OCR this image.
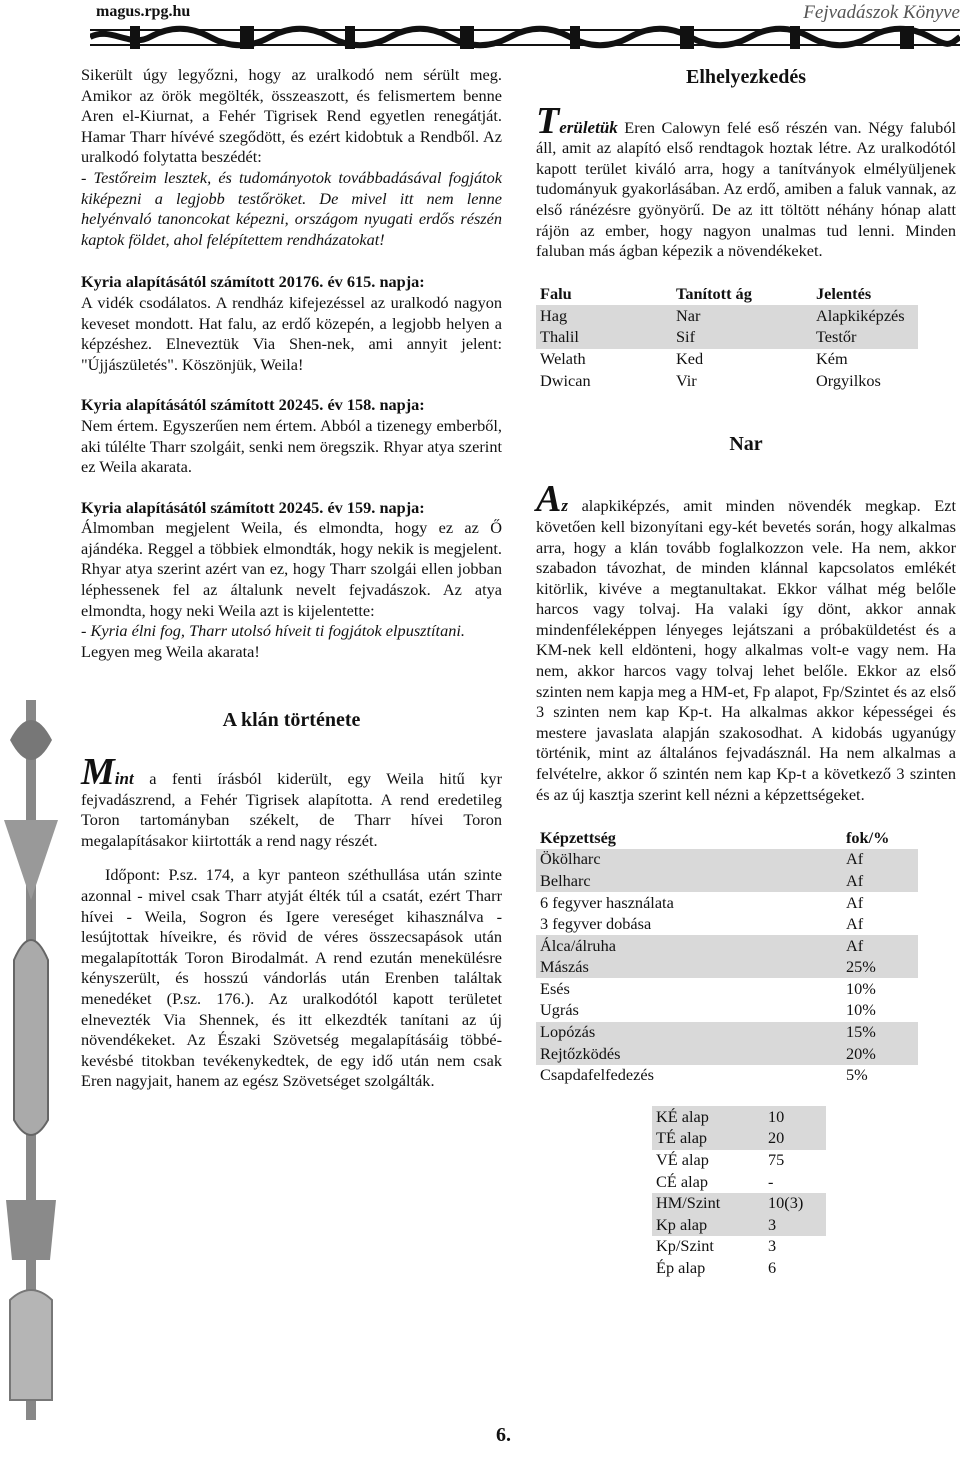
magus.rpg.hu	Fejvadászok Könyve

Sikerült úgy legyőzni, hogy az uralkodó nem sérült meg. Amikor az örök megölték, összeaszott, és felismertem benne Aren el-Kiurnat, a Fehér Tigrisek Rend egyetlen renegátját. Hamar Tharr hívévé szegődött, és ezért kidobtuk a Rendből. Az uralkodó folytatta beszédét:

- Testőreim lesztek, és tudományotok továbbadásával fogjátok kiképezni a legjobb testőröket. De mivel itt nem lenne helyénvaló tanoncokat képezni, országom nyugati erdős részén kaptok földet, ahol felépítettem rendházatokat!

Kyria alapításától számított 20176. év 615. napja:

A vidék csodálatos. A rendház kifejezéssel az uralkodó nagyon keveset mondott. Hat falu, az erdő közepén, a legjobb helyen a képzéshez. Elneveztük Via Shen-nek, ami annyit jelent: "Újjászületés". Köszönjük, Weila!

Kyria alapításától számított 20245. év 158. napja:

Nem értem. Egyszerűen nem értem. Abból a tizenegy emberből, aki túlélte Tharr szolgáit, senki nem öregszik. Rhyar atya szerint ez Weila akarata.

Kyria alapításától számított 20245. év 159. napja:

Álmomban megjelent Weila, és elmondta, hogy ez az Ő ajándéka. Reggel a többiek elmondták, hogy nekik is megjelent. Rhyar atya szerint azért van ez, hogy Tharr szolgái ellen jobban léphessenek fel az általunk nevelt fejvadászok. Az atya elmondta, hogy neki Weila azt is kijelentette:

- Kyria élni fog, Tharr utolsó híveit ti fogjátok elpusztítani.

Legyen meg Weila akarata!

A klán története

Mint a fenti írásból kiderült, egy Weila hitű kyr fejvadászrend, a Fehér Tigrisek alapította. A rend eredetileg Toron tartományban székelt, de Tharr hívei Toron megalapításakor kiirtották a rend nagy részét.

Időpont: P.sz. 174, a kyr panteon széthullása után szinte azonnal - mivel csak Tharr atyját élték túl a csatát, ezért Tharr hívei - Weila, Sogron és Igere vereséget kihasználva - lesújtottak híveikre, és rövid de véres összecsapások után megalapították Toron Birodalmát. A rend ezután menekülésre kényszerült, és hosszú vándorlás után Erenben találtak menedéket (P.sz. 176.). Az uralkodótól kapott területet elnevezték Via Shennek, és itt elkezdték tanítani az új növendékeket. Az Északi Szövetség megalapításáig többé-kevésbé titokban tevékenykedtek, de egy idő után nem csak Eren nagyjait, hanem az egész Szövetséget szolgálták.

Elhelyezkedés

Területük Eren Calowyn felé eső részén van. Négy faluból áll, amit az alapító első rendtagok hoztak létre. Az uralkodótól kapott terület kiváló arra, hogy a tanítványok elmélyüljenek tudományuk gyakorlásában. Az erdő, amiben a faluk vannak, az első ránézésre gyönyörű. De az itt töltött néhány hónap alatt rájön az ember, hogy nagyon unalmas tud lenni. Minden faluban más ágban képezik a növendékeket.

Falu	Tanított ág	Jelentés
Hag	Nar	Alapkiképzés
Thalil	Sif	Testőr
Welath	Ked	Kém
Dwican	Vir	Orgyilkos
Nar

Az alapkiképzés, amit minden növendék megkap. Ezt követően kell bizonyítani egy-két bevetés során, hogy alkalmas arra, hogy a klán tovább foglalkozzon vele. Ha nem, akkor szabadon távozhat, de minden klánnal kapcsolatos emlékét kitörlik, kivéve a megtanultakat. Ekkor válhat még belőle harcos vagy tolvaj. Ha valaki így dönt, akkor annak mindenféleképpen lényeges lejátszani a próbaküldetést és a KM-nek kell eldönteni, hogy alkalmas volt-e vagy nem. Ha nem, akkor harcos vagy tolvaj lehet belőle. Ekkor az első szinten nem kapja meg a HM-et, Fp alapot, Fp/Szintet és az első 3 szinten nem kap Kp-t. Ha alkalmas akkor képességei és mestere javaslata alapján szakosodhat. A kidobás ugyanúgy történik, mint az általános fejvadásznál. Ha nem alkalmas a felvételre, akkor ő szintén nem kap Kp-t a következő 3 szinten és az új kasztja szerint kell nézni a képzettségeket.

Képzettség	fok/%
Ökölharc	Af
Belharc	Af
6 fegyver használata	Af
3 fegyver dobása	Af
Álca/álruha	Af
Mászás	25%
Esés	10%
Ugrás	10%
Lopózás	15%
Rejtőzködés	20%
Csapdafelfedezés	5%
KÉ alap	10
TÉ alap	20
VÉ alap	75
CÉ alap	-
HM/Szint	10(3)
Kp alap	3
Kp/Szint	3
Ép alap	6
6.
